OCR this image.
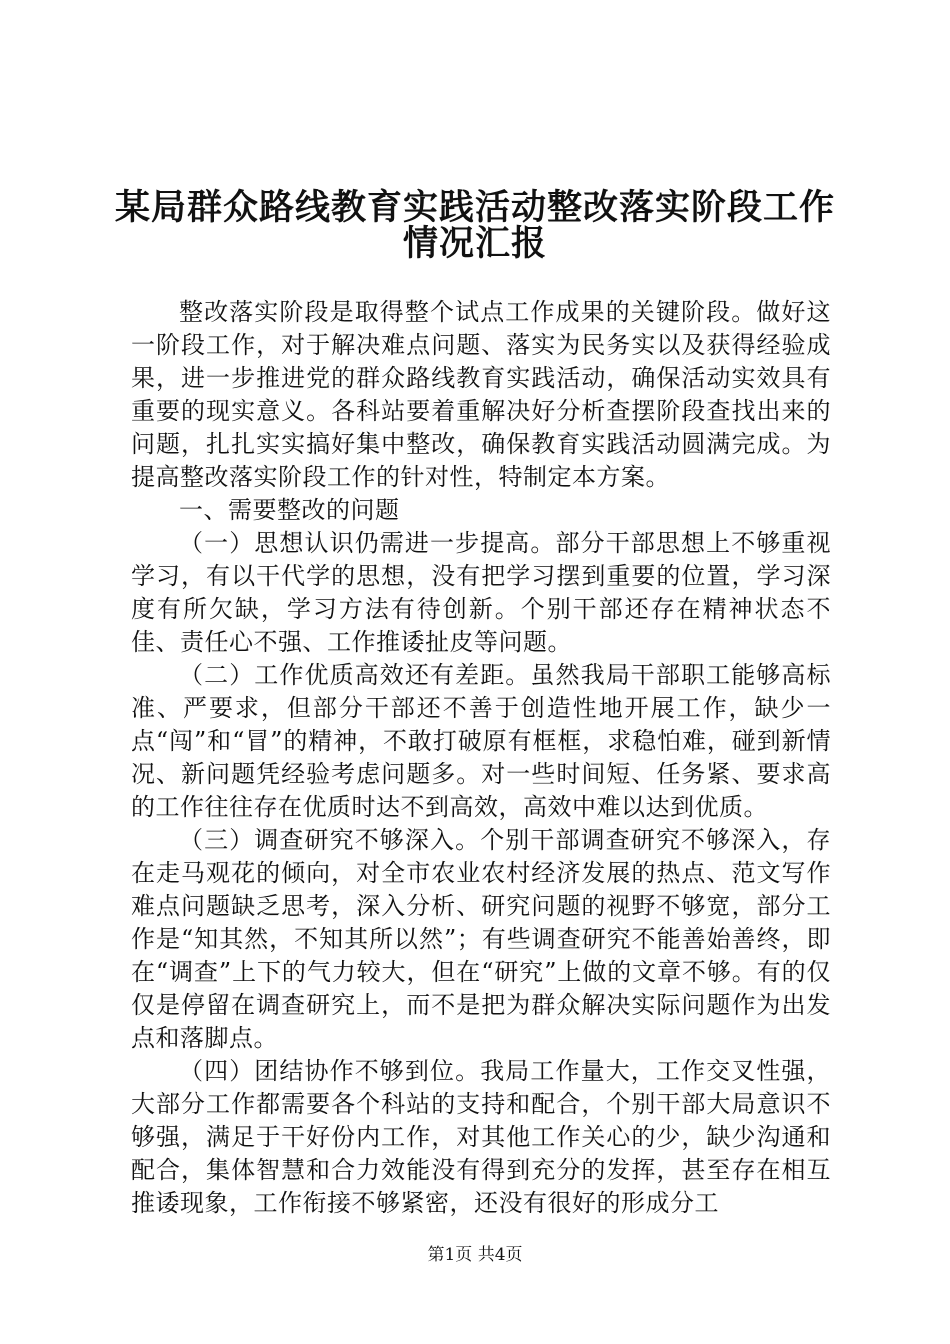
某局群众路线教育实践活动整改落实阶段工作
情况汇报

整改落实阶段是取得整个试点工作成果的关键阶段。做好这一阶段工作，对于解决难点问题、落实为民务实以及获得经验成果，进一步推进党的群众路线教育实践活动，确保活动实效具有重要的现实意义。各科站要着重解决好分析查摆阶段查找出来的问题，扎扎实实搞好集中整改，确保教育实践活动圆满完成。为提高整改落实阶段工作的针对性，特制定本方案。

一、需要整改的问题

（一）思想认识仍需进一步提高。部分干部思想上不够重视学习，有以干代学的思想，没有把学习摆到重要的位置，学习深度有所欠缺，学习方法有待创新。个别干部还存在精神状态不佳、责任心不强、工作推诿扯皮等问题。

（二）工作优质高效还有差距。虽然我局干部职工能够高标准、严要求，但部分干部还不善于创造性地开展工作，缺少一点“闯”和“冒”的精神，不敢打破原有框框，求稳怕难，碰到新情况、新问题凭经验考虑问题多。对一些时间短、任务紧、要求高的工作往往存在优质时达不到高效，高效中难以达到优质。

（三）调查研究不够深入。个别干部调查研究不够深入，存在走马观花的倾向，对全市农业农村经济发展的热点、范文写作难点问题缺乏思考，深入分析、研究问题的视野不够宽，部分工作是“知其然，不知其所以然”；有些调查研究不能善始善终，即在“调查”上下的气力较大，但在“研究”上做的文章不够。有的仅仅是停留在调查研究上，而不是把为群众解决实际问题作为出发点和落脚点。

（四）团结协作不够到位。我局工作量大，工作交叉性强，大部分工作都需要各个科站的支持和配合，个别干部大局意识不够强，满足于干好份内工作，对其他工作关心的少，缺少沟通和配合，集体智慧和合力效能没有得到充分的发挥，甚至存在相互推诿现象，工作衔接不够紧密，还没有很好的形成分工

第1页 共4页
